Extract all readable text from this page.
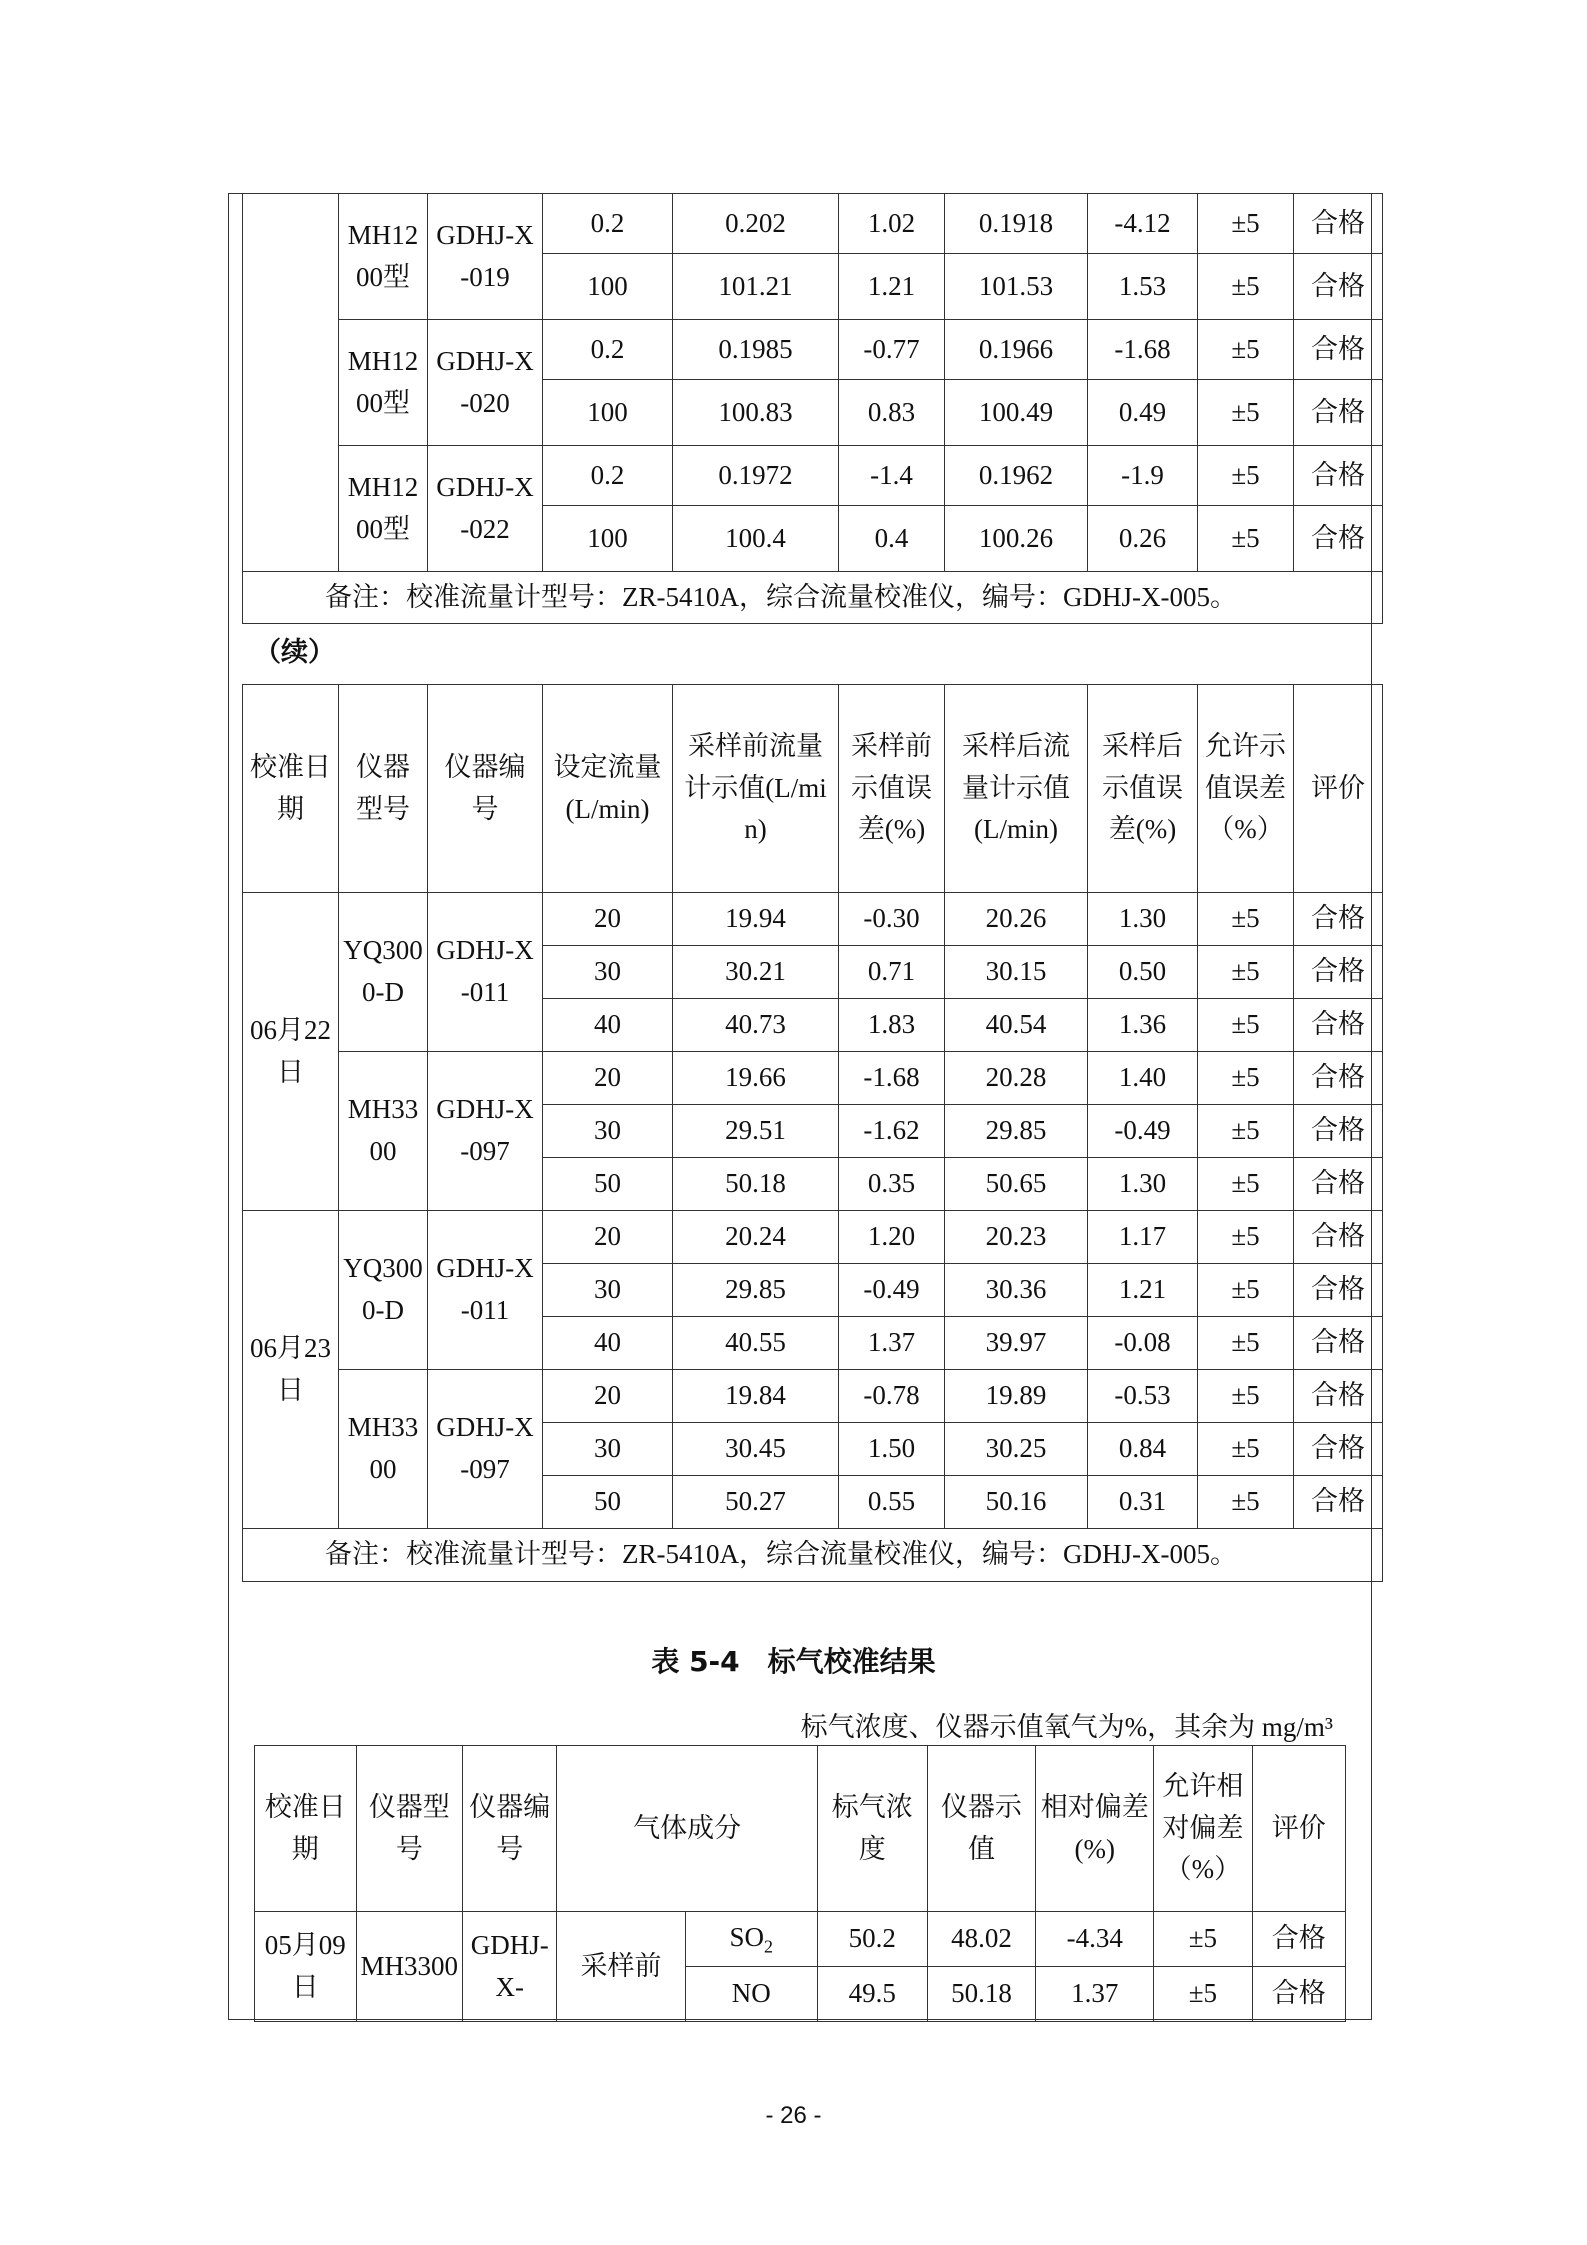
	MH1200型	GDHJ-X-019	0.2	0.202	1.02	0.1918	-4.12	±5	合格
			100	101.21	1.21	101.53	1.53	±5	合格
	MH1200型	GDHJ-X-020	0.2	0.1985	-0.77	0.1966	-1.68	±5	合格
			100	100.83	0.83	100.49	0.49	±5	合格
	MH1200型	GDHJ-X-022	0.2	0.1972	-1.4	0.1962	-1.9	±5	合格
			100	100.4	0.4	100.26	0.26	±5	合格
备注：校准流量计型号：ZR-5410A，综合流量校准仪，编号：GDHJ-X-005。									
（续）
校准日期	仪器型号	仪器编号	设定流量(L/min)	采样前流量计示值(L/min)	采样前示值误差(%)	采样后流量计示值(L/min)	采样后示值误差(%)	允许示值误差（%）	评价
06月22日	YQ3000-D	GDHJ-X-011	20	19.94	-0.30	20.26	1.30	±5	合格
			30	30.21	0.71	30.15	0.50	±5	合格
			40	40.73	1.83	40.54	1.36	±5	合格
	MH3300	GDHJ-X-097	20	19.66	-1.68	20.28	1.40	±5	合格
			30	29.51	-1.62	29.85	-0.49	±5	合格
			50	50.18	0.35	50.65	1.30	±5	合格
06月23日	YQ3000-D	GDHJ-X-011	20	20.24	1.20	20.23	1.17	±5	合格
			30	29.85	-0.49	30.36	1.21	±5	合格
			40	40.55	1.37	39.97	-0.08	±5	合格
	MH3300	GDHJ-X-097	20	19.84	-0.78	19.89	-0.53	±5	合格
			30	30.45	1.50	30.25	0.84	±5	合格
			50	50.27	0.55	50.16	0.31	±5	合格
备注：校准流量计型号：ZR-5410A，综合流量校准仪，编号：GDHJ-X-005。									
表 5-4　标气校准结果
标气浓度、仪器示值氧气为%，其余为 mg/m³
校准日期	仪器型号	仪器编号	气体成分		标气浓度	仪器示值	相对偏差(%)	允许相对偏差（%）	评价
05月09日	MH3300	GDHJ-X-	采样前	$SO_2$	50.2	48.02	-4.34	±5	合格
				NO	49.5	50.18	1.37	±5	合格
- 26 -
